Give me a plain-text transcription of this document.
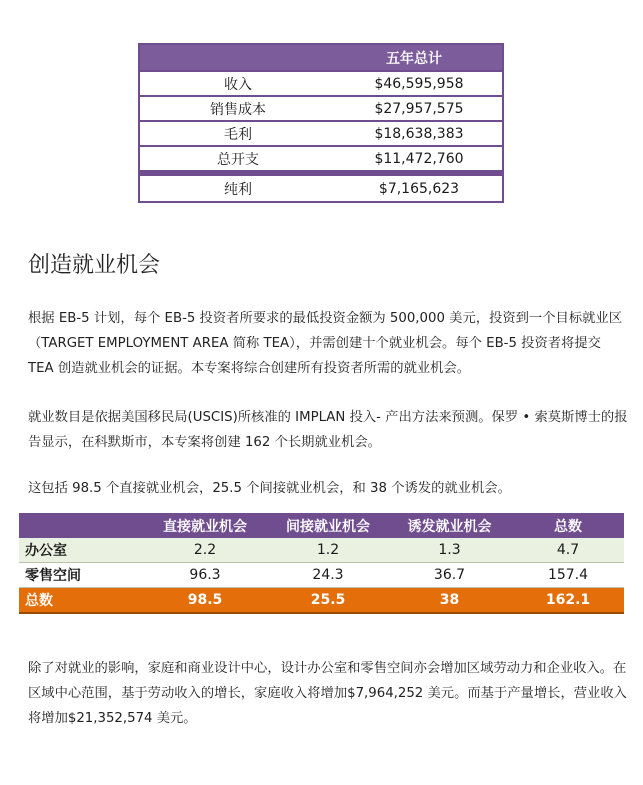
五年总计
收入	$46,595,958
销售成本	$27,957,575
毛利	$18,638,383
总开支	$11,472,760
纯利	$7,165,623
创造就业机会

根据 EB-5 计划，每个 EB-5 投资者所要求的最低投资金额为 500,000 美元，投资到一个目标就业区（TARGET EMPLOYMENT AREA 简称 TEA），并需创建十个就业机会。每个 EB-5 投资者将提交 TEA 创造就业机会的证据。本专案将综合创建所有投资者所需的就业机会。

就业数目是依据美国移民局(USCIS)所核准的 IMPLAN 投入- 产出方法来预测。保罗 • 索莫斯博士的报告显示，在科默斯市，本专案将创建 162 个长期就业机会。

这包括 98.5 个直接就业机会，25.5 个间接就业机会，和 38 个诱发的就业机会。

	直接就业机会	间接就业机会	诱发就业机会	总数
办公室	2.2	1.2	1.3	4.7
零售空间	96.3	24.3	36.7	157.4
总数	98.5	25.5	38	162.1

除了对就业的影响，家庭和商业设计中心，设计办公室和零售空间亦会增加区域劳动力和企业收入。在区域中心范围，基于劳动收入的增长，家庭收入将增加$7,964,252 美元。而基于产量增长，营业收入将增加$21,352,574 美元。
